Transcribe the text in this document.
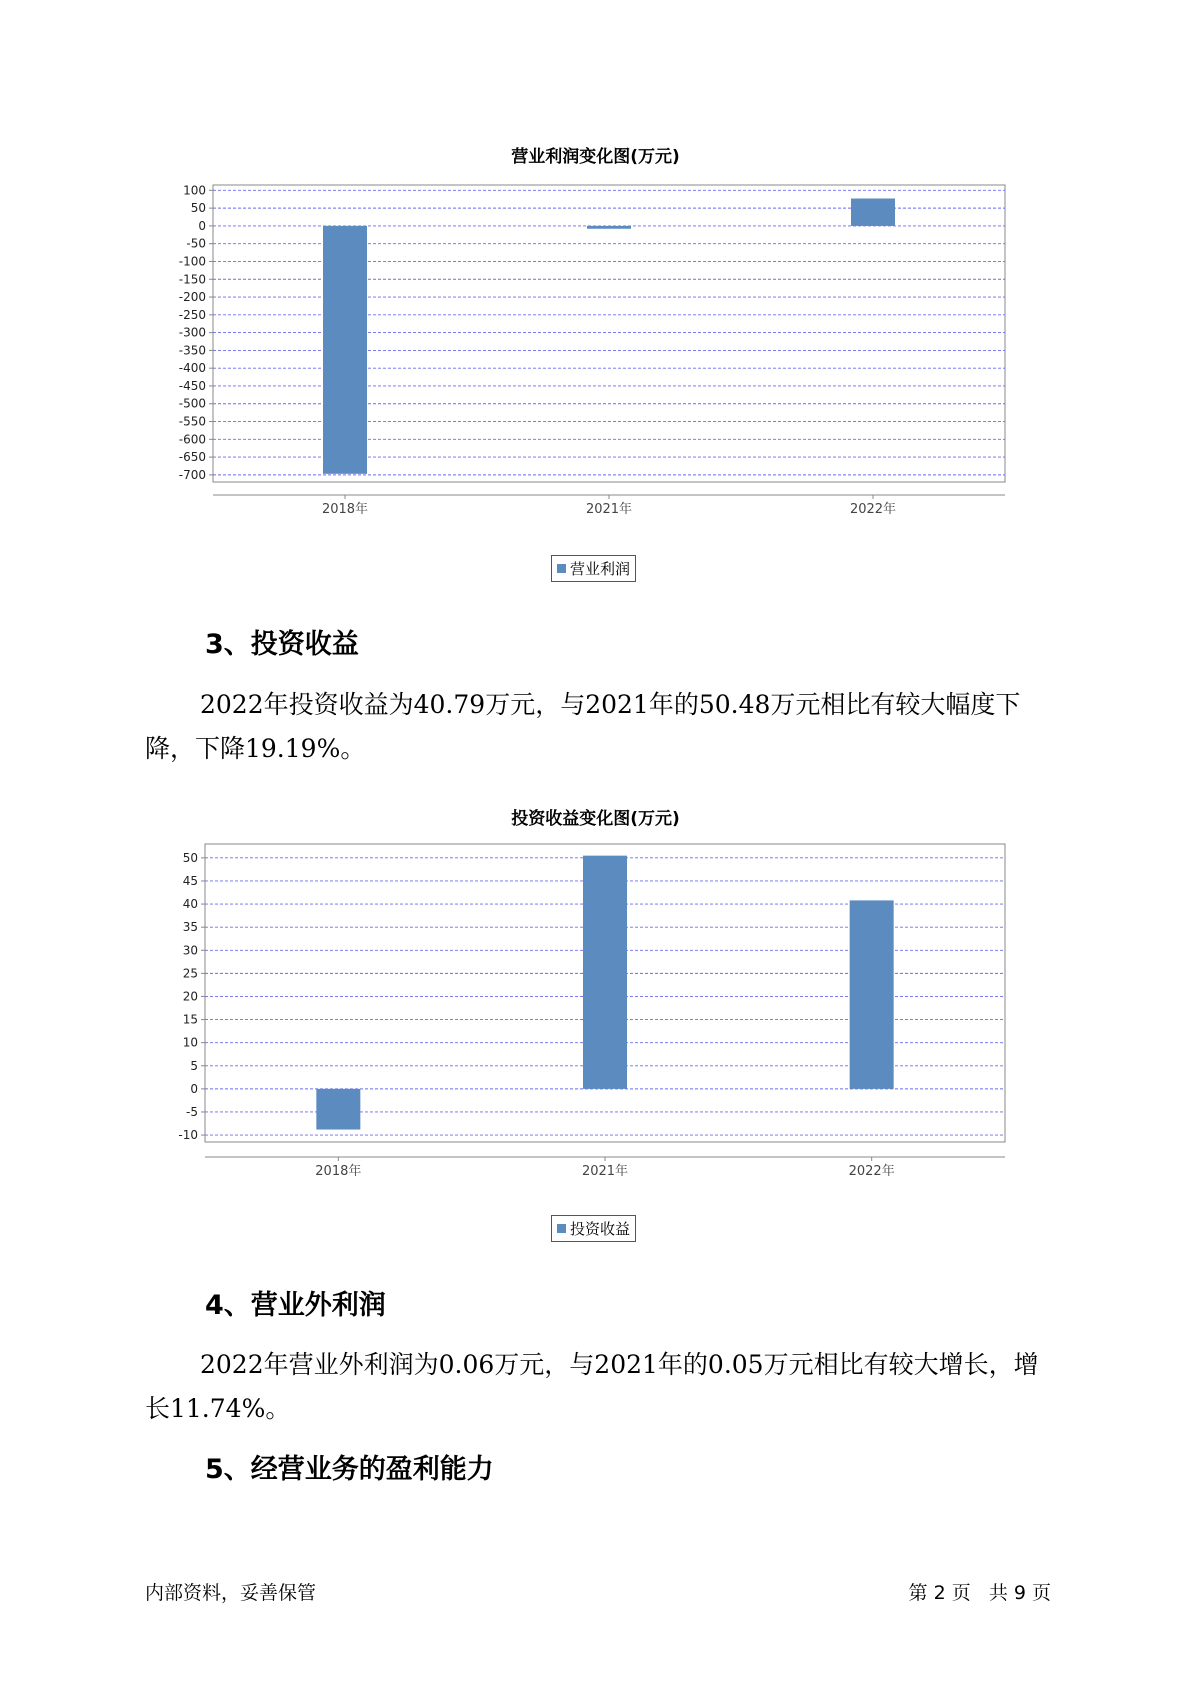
营业利润变化图(万元)
100
50
0
-50
-100
-150
-200
-250
-300
-350
-400
-450
-500
-550
-600
-650
-700
2018年	2021年	2022年
营业利润
3、投资收益
2022年投资收益为40.79万元，与2021年的50.48万元相比有较大幅度下降，下降19.19%。
投资收益变化图(万元)
50
45
40
35
30
25
20
15
10
5
0
-5
-10
2018年	2021年	2022年
投资收益
4、营业外利润
2022年营业外利润为0.06万元，与2021年的0.05万元相比有较大增长，增长11.74%。
5、经营业务的盈利能力
内部资料，妥善保管	第 2 页   共 9 页
